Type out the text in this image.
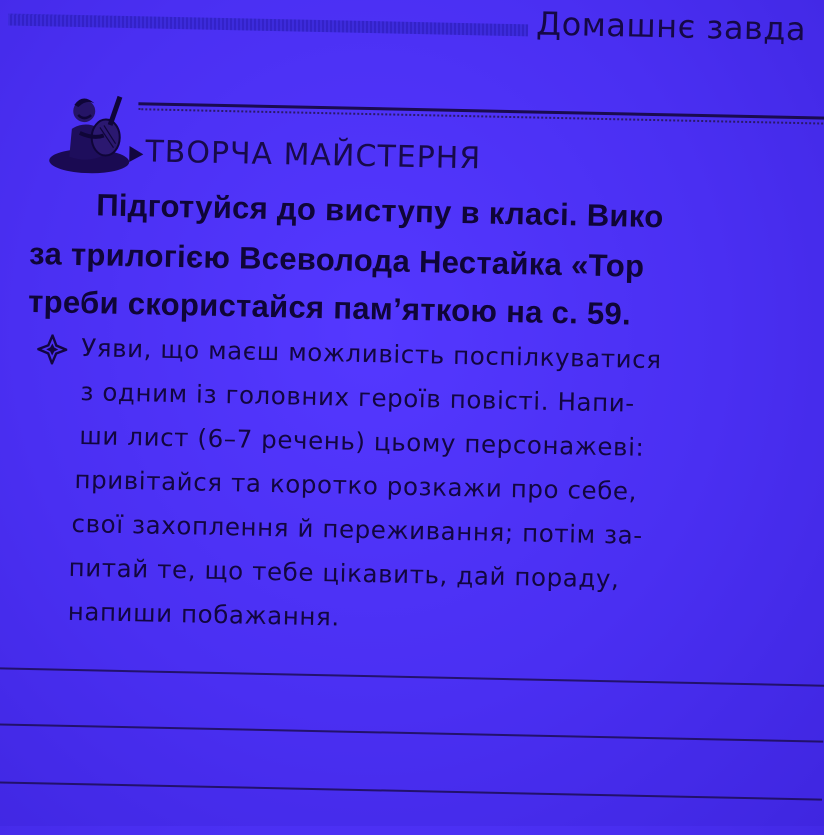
Домашнє завда
ТВОРЧА МАЙСТЕРНЯ
Підготуйся до виступу в класі. Вико
за трилогією Всеволода Нестайка «Тор
треби скористайся пам’яткою на с. 59.
Уяви, що маєш можливість поспілкуватися
з одним із головних героїв повісті. Напи-
ши лист (6–7 речень) цьому персонажеві:
привітайся та коротко розкажи про себе,
свої захоплення й переживання; потім за-
питай те, що тебе цікавить, дай пораду,
напиши побажання.
